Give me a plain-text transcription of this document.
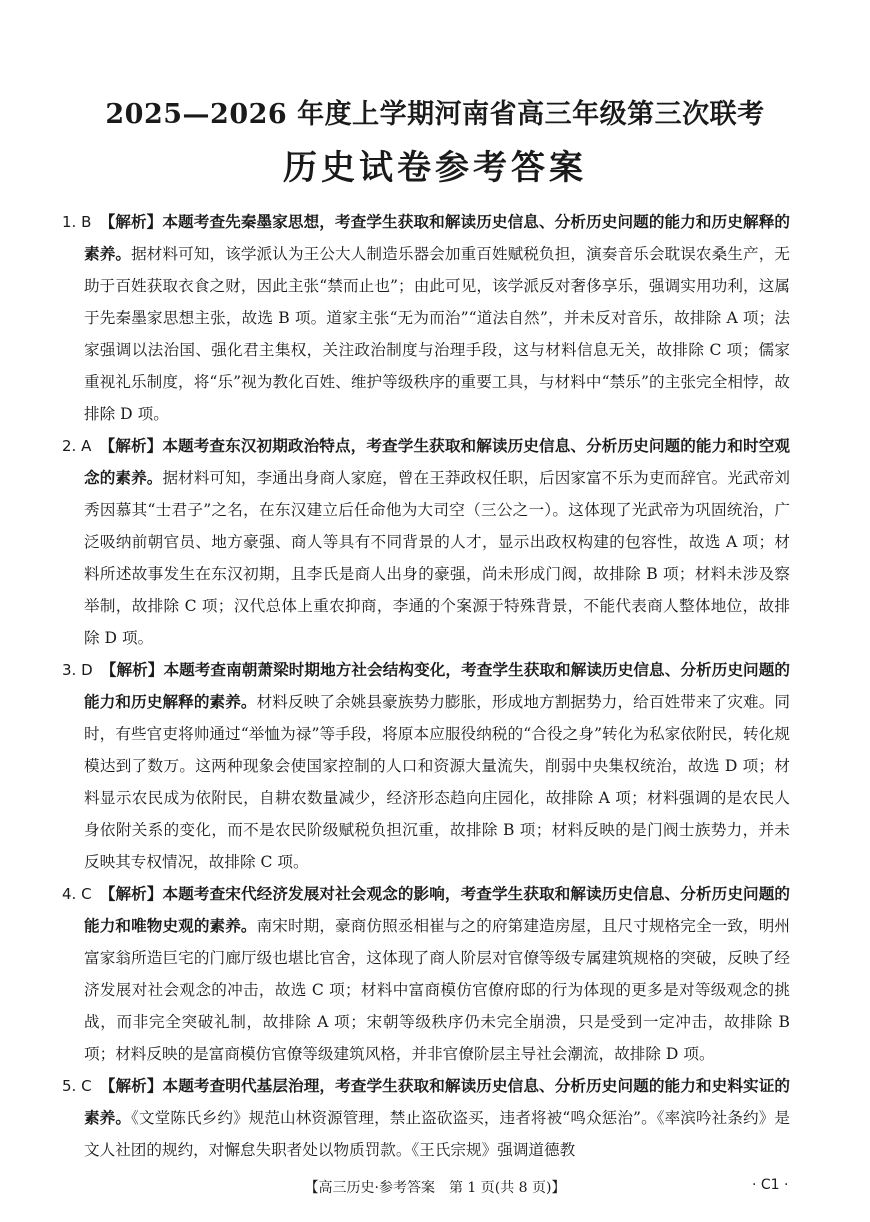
2025—2026 年度上学期河南省高三年级第三次联考
历史试卷参考答案

1. B 【解析】本题考查先秦墨家思想，考查学生获取和解读历史信息、分析历史问题的能力和历史解释的素养。据材料可知，该学派认为王公大人制造乐器会加重百姓赋税负担，演奏音乐会耽误农桑生产，无助于百姓获取衣食之财，因此主张“禁而止也”；由此可见，该学派反对奢侈享乐，强调实用功利，这属于先秦墨家思想主张，故选 B 项。道家主张“无为而治”“道法自然”，并未反对音乐，故排除 A 项；法家强调以法治国、强化君主集权，关注政治制度与治理手段，这与材料信息无关，故排除 C 项；儒家重视礼乐制度，将“乐”视为教化百姓、维护等级秩序的重要工具，与材料中“禁乐”的主张完全相悖，故排除 D 项。

2. A 【解析】本题考查东汉初期政治特点，考查学生获取和解读历史信息、分析历史问题的能力和时空观念的素养。据材料可知，李通出身商人家庭，曾在王莽政权任职，后因家富不乐为吏而辞官。光武帝刘秀因慕其“士君子”之名，在东汉建立后任命他为大司空（三公之一）。这体现了光武帝为巩固统治，广泛吸纳前朝官员、地方豪强、商人等具有不同背景的人才，显示出政权构建的包容性，故选 A 项；材料所述故事发生在东汉初期，且李氏是商人出身的豪强，尚未形成门阀，故排除 B 项；材料未涉及察举制，故排除 C 项；汉代总体上重农抑商，李通的个案源于特殊背景，不能代表商人整体地位，故排除 D 项。

3. D 【解析】本题考查南朝萧梁时期地方社会结构变化，考查学生获取和解读历史信息、分析历史问题的能力和历史解释的素养。材料反映了余姚县豪族势力膨胀，形成地方割据势力，给百姓带来了灾难。同时，有些官吏将帅通过“举恤为禄”等手段，将原本应服役纳税的“合役之身”转化为私家依附民，转化规模达到了数万。这两种现象会使国家控制的人口和资源大量流失，削弱中央集权统治，故选 D 项；材料显示农民成为依附民，自耕农数量减少，经济形态趋向庄园化，故排除 A 项；材料强调的是农民人身依附关系的变化，而不是农民阶级赋税负担沉重，故排除 B 项；材料反映的是门阀士族势力，并未反映其专权情况，故排除 C 项。

4. C 【解析】本题考查宋代经济发展对社会观念的影响，考查学生获取和解读历史信息、分析历史问题的能力和唯物史观的素养。南宋时期，豪商仿照丞相崔与之的府第建造房屋，且尺寸规格完全一致，明州富家翁所造巨宅的门廊厅级也堪比官舍，这体现了商人阶层对官僚等级专属建筑规格的突破，反映了经济发展对社会观念的冲击，故选 C 项；材料中富商模仿官僚府邸的行为体现的更多是对等级观念的挑战，而非完全突破礼制，故排除 A 项；宋朝等级秩序仍未完全崩溃，只是受到一定冲击，故排除 B 项；材料反映的是富商模仿官僚等级建筑风格，并非官僚阶层主导社会潮流，故排除 D 项。

5. C 【解析】本题考查明代基层治理，考查学生获取和解读历史信息、分析历史问题的能力和史料实证的素养。《文堂陈氏乡约》规范山林资源管理，禁止盗砍盗买，违者将被“鸣众惩治”。《率滨吟社条约》是文人社团的规约，对懈怠失职者处以物质罚款。《王氏宗规》强调道德教

【高三历史·参考答案　第 1 页(共 8 页)】	· C1 ·
